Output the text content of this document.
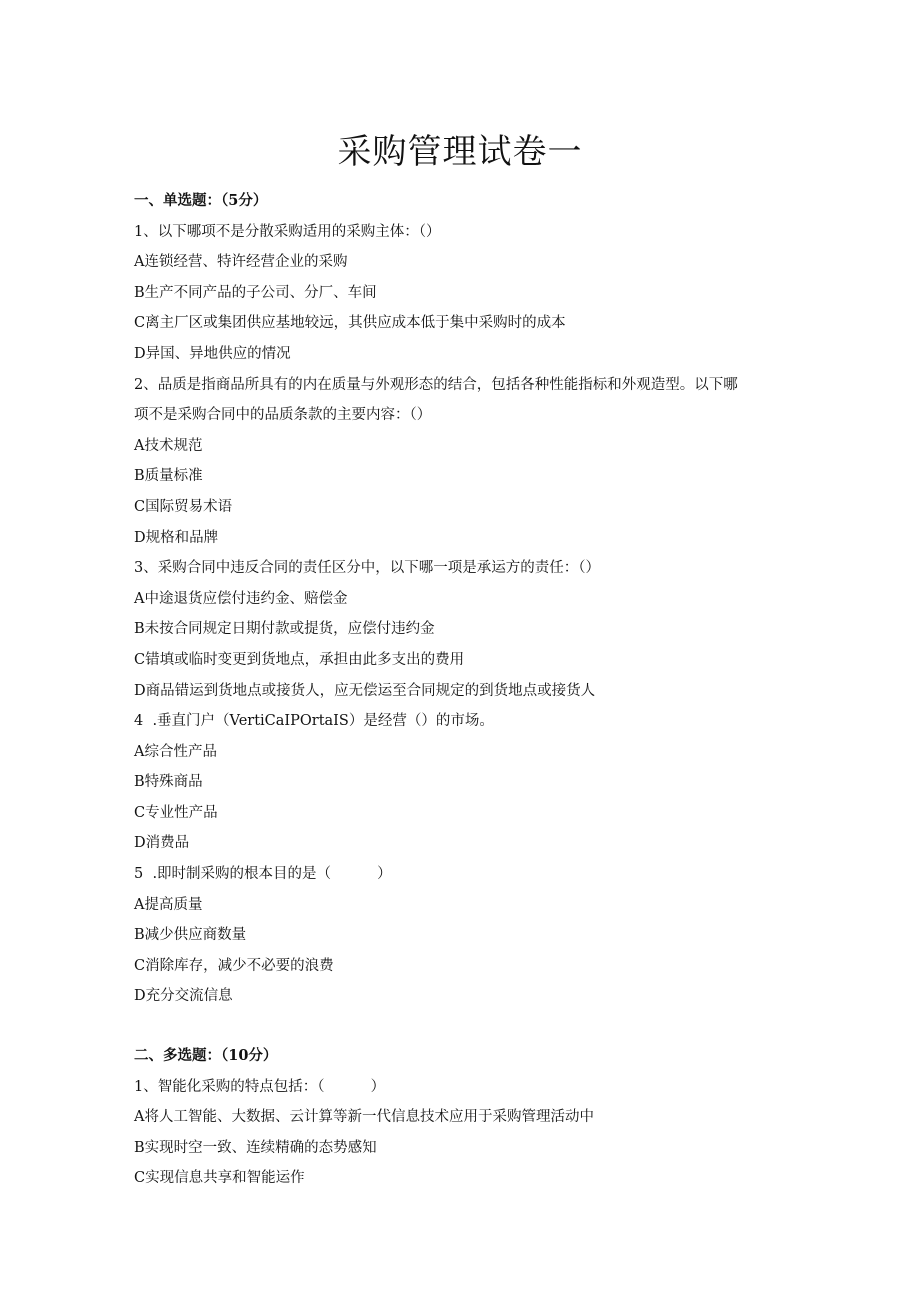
采购管理试卷一
一、单选题：（5分）
1、以下哪项不是分散采购适用的采购主体：（）
A连锁经营、特许经营企业的采购
B生产不同产品的子公司、分厂、车间
C离主厂区或集团供应基地较远，其供应成本低于集中采购时的成本
D异国、异地供应的情况
2、品质是指商品所具有的内在质量与外观形态的结合，包括各种性能指标和外观造型。以下哪
项不是采购合同中的品质条款的主要内容：（）
A技术规范
B质量标准
C国际贸易术语
D规格和品牌
3、采购合同中违反合同的责任区分中，以下哪一项是承运方的责任：（）
A中途退货应偿付违约金、赔偿金
B未按合同规定日期付款或提货，应偿付违约金
C错填或临时变更到货地点，承担由此多支出的费用
D商品错运到货地点或接货人，应无偿运至合同规定的到货地点或接货人
4  .垂直门户（VertiCaIPOrtaIS）是经营（）的市场。
A综合性产品
B特殊商品
C专业性产品
D消费品
5  .即时制采购的根本目的是（          ）
A提高质量
B减少供应商数量
C消除库存，减少不必要的浪费
D充分交流信息
二、多选题：（10分）
1、智能化采购的特点包括：（          ）
A将人工智能、大数据、云计算等新一代信息技术应用于采购管理活动中
B实现时空一致、连续精确的态势感知
C实现信息共享和智能运作
